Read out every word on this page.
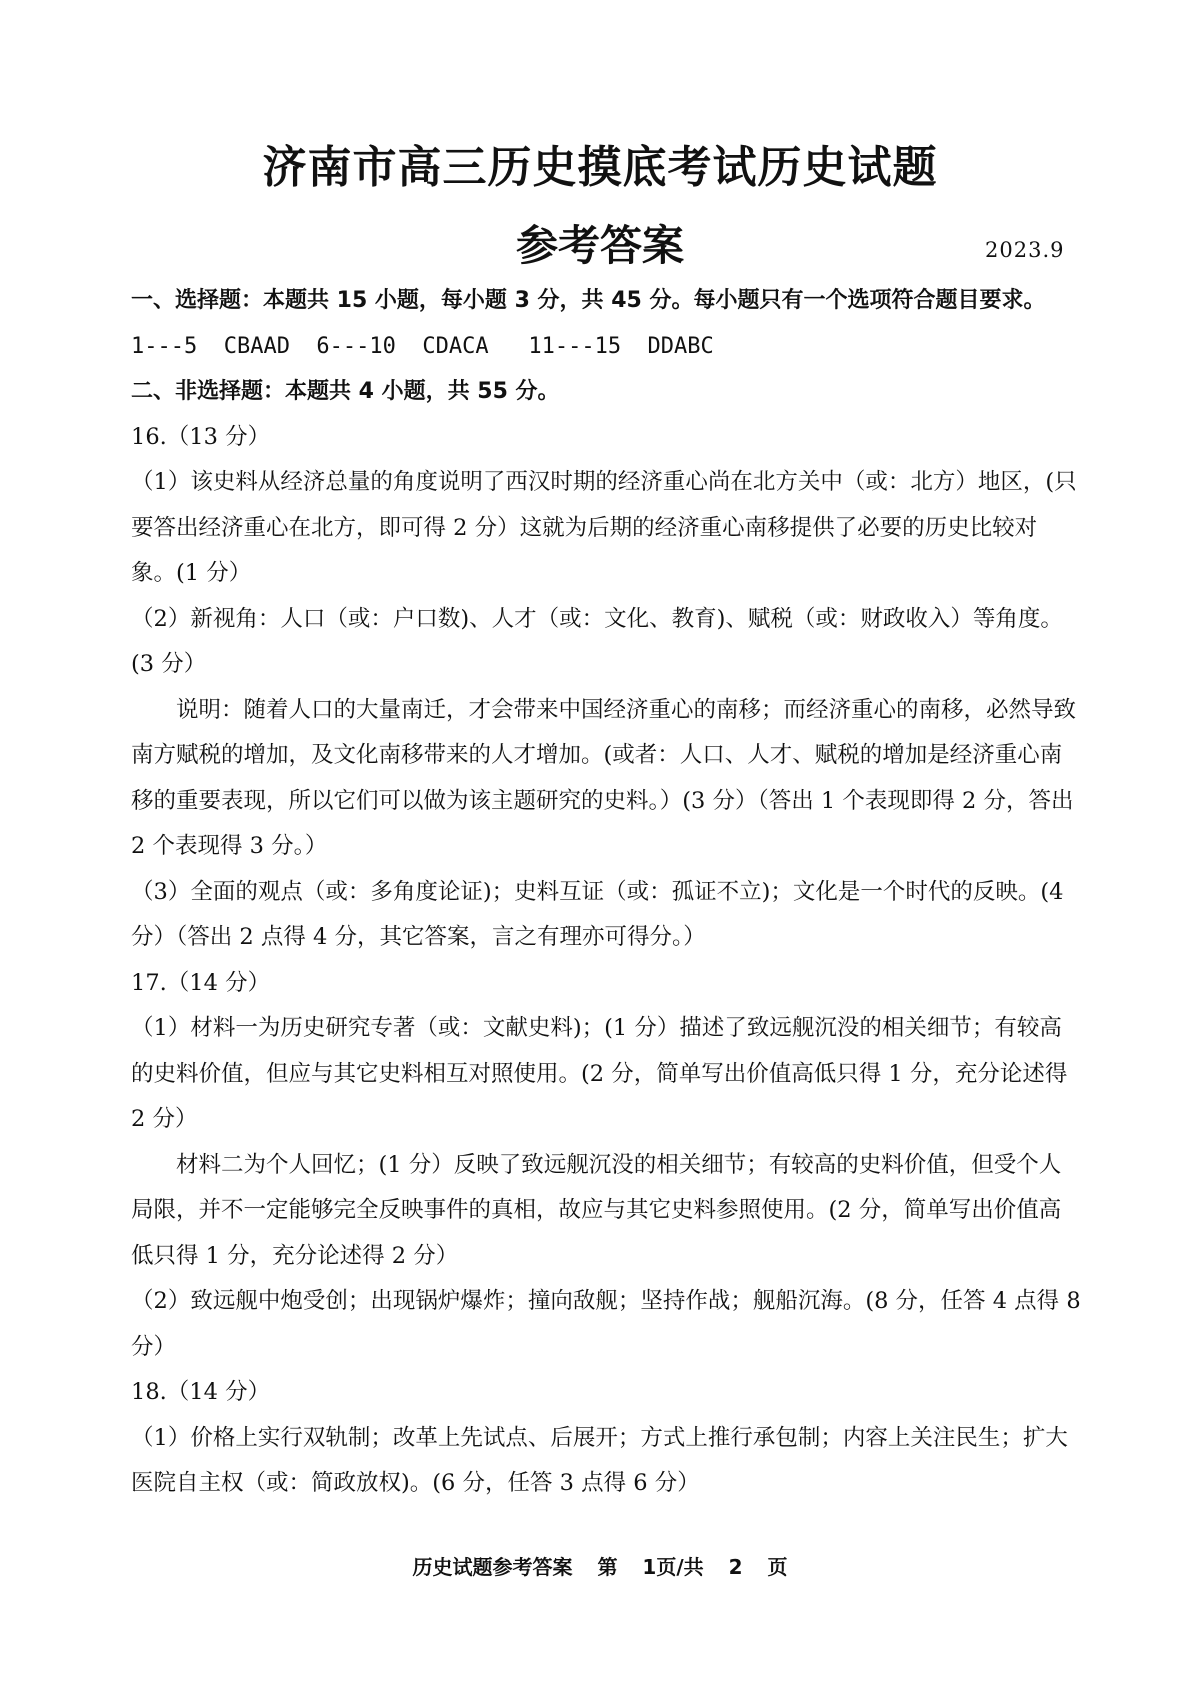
济南市高三历史摸底考试历史试题
参考答案	2023.9

一、选择题：本题共 15 小题，每小题 3 分，共 45 分。每小题只有一个选项符合题目要求。

1---5  CBAAD  6---10  CDACA   11---15  DDABC

二、非选择题：本题共 4 小题，共 55 分。

16.（13 分）

（1）该史料从经济总量的角度说明了西汉时期的经济重心尚在北方关中（或：北方）地区，(只要答出经济重心在北方，即可得 2 分）这就为后期的经济重心南移提供了必要的历史比较对象。(1 分）

（2）新视角：人口（或：户口数)、人才（或：文化、教育)、赋税（或：财政收入）等角度。(3 分）

说明：随着人口的大量南迁，才会带来中国经济重心的南移；而经济重心的南移，必然导致南方赋税的增加，及文化南移带来的人才增加。(或者：人口、人才、赋税的增加是经济重心南移的重要表现，所以它们可以做为该主题研究的史料。）(3 分）（答出 1 个表现即得 2 分，答出 2 个表现得 3 分。）

（3）全面的观点（或：多角度论证)；史料互证（或：孤证不立)；文化是一个时代的反映。(4 分）（答出 2 点得 4 分，其它答案，言之有理亦可得分。）

17.（14 分）

（1）材料一为历史研究专著（或：文献史料)；(1 分）描述了致远舰沉没的相关细节；有较高的史料价值，但应与其它史料相互对照使用。(2 分，简单写出价值高低只得 1 分，充分论述得 2 分）

材料二为个人回忆；(1 分）反映了致远舰沉没的相关细节；有较高的史料价值，但受个人局限，并不一定能够完全反映事件的真相，故应与其它史料参照使用。(2 分，简单写出价值高低只得 1 分，充分论述得 2 分）

（2）致远舰中炮受创；出现锅炉爆炸；撞向敌舰；坚持作战；舰船沉海。(8 分，任答 4 点得 8 分）

18.（14 分）

（1）价格上实行双轨制；改革上先试点、后展开；方式上推行承包制；内容上关注民生；扩大医院自主权（或：简政放权)。(6 分，任答 3 点得 6 分）

历史试题参考答案 第 1页/共 2 页
